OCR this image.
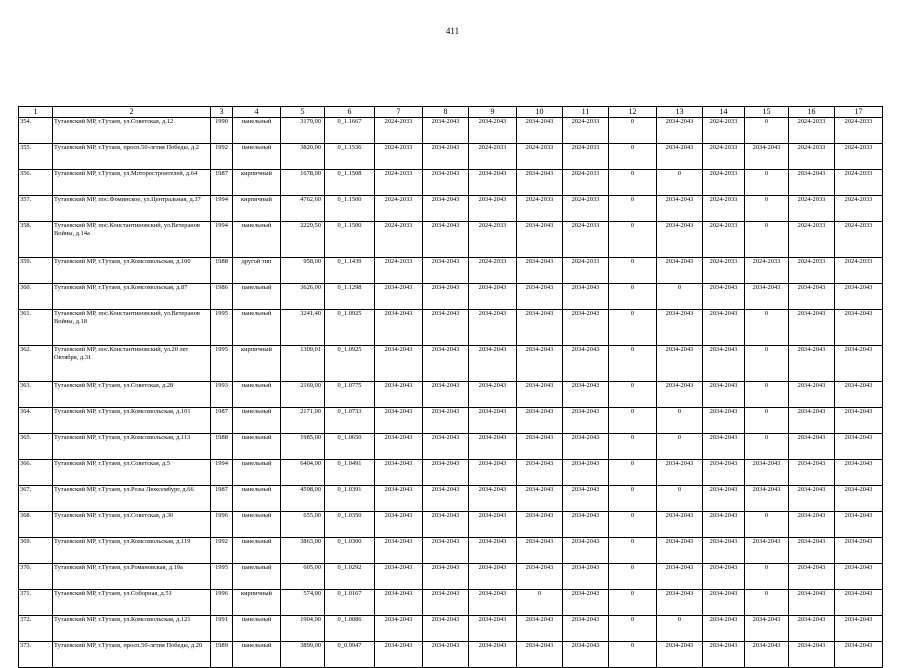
411
1	2	3	4	5	6	7	8	9	10	11	12	13	14	15	16	17
354.	Тутаевский МР, г.Тутаев, ул.Советская, д.12	1990	панельный	3179,00	0_1.1667	2024-2033	2034-2043	2034-2043	2034-2043	2024-2033	0	2034-2043	2024-2033	0	2024-2033	2024-2033
355.	Тутаевский МР, г.Тутаев, просп.50-летия Победы, д.2	1992	панельный	3820,00	0_1.1536	2024-2033	2034-2043	2024-2033	2024-2033	2024-2033	0	2034-2043	2024-2033	2034-2043	2024-2033	2024-2033
356.	Тутаевский МР, г.Тутаев, ул.Моторостроителей, д.64	1987	кирпичный	1678,00	0_1.1508	2024-2033	2034-2043	2034-2043	2034-2043	2024-2033	0	0	2024-2033	0	2034-2043	2024-2033
357.	Тутаевский МР, пос.Фоминское, ул.Центральная, д.37	1994	кирпичный	4762,60	0_1.1500	2024-2033	2034-2043	2034-2043	2024-2033	2024-2033	0	2034-2043	2024-2033	0	2024-2033	2024-2033
358.	Тутаевский МР, пос.Константиновский, ул.Ветеранов Войны, д.14а	1994	панельный	2229,50	0_1.1500	2024-2033	2034-2043	2024-2033	2034-2043	2024-2033	0	2034-2043	2024-2033	0	2024-2033	2024-2033
359.	Тутаевский МР, г.Тутаев, ул.Комсомольская, д.100	1988	другой тип	958,00	0_1.1439	2024-2033	2034-2043	2024-2033	2034-2043	2024-2033	0	2034-2043	2024-2033	2024-2033	2024-2033	2024-2033
360.	Тутаевский МР, г.Тутаев, ул.Комсомольская, д.87	1986	панельный	3626,00	0_1.1298	2034-2043	2034-2043	2034-2043	2034-2043	2034-2043	0	0	2034-2043	2034-2043	2034-2043	2034-2043
361.	Тутаевский МР, пос.Константиновский, ул.Ветеранов Войны, д.18	1995	панельный	3241,40	0_1.0925	2034-2043	2034-2043	2034-2043	2034-2043	2034-2043	0	2034-2043	2034-2043	0	2034-2043	2034-2043
362.	Тутаевский МР, пос.Константиновский, ул.20 лет Октября, д.31	1995	кирпичный	1309,01	0_1.0925	2034-2043	2034-2043	2034-2043	2034-2043	2034-2043	0	2034-2043	2034-2043	0	2034-2043	2034-2043
363.	Тутаевский МР, г.Тутаев, ул.Советская, д.28	1993	панельный	2169,00	0_1.0775	2034-2043	2034-2043	2034-2043	2034-2043	2034-2043	0	2034-2043	2034-2043	0	2034-2043	2034-2043
364.	Тутаевский МР, г.Тутаев, ул.Комсомольская, д.101	1987	панельный	2171,00	0_1.0733	2034-2043	2034-2043	2034-2043	2034-2043	2034-2043	0	0	2034-2043	0	2034-2043	2034-2043
365.	Тутаевский МР, г.Тутаев, ул.Комсомольская, д.113	1988	панельный	1985,00	0_1.0650	2034-2043	2034-2043	2034-2043	2034-2043	2034-2043	0	0	2034-2043	0	2034-2043	2034-2043
366.	Тутаевский МР, г.Тутаев, ул.Советская, д.5	1994	панельный	6404,00	0_1.0491	2034-2043	2034-2043	2034-2043	2034-2043	2034-2043	0	2034-2043	2034-2043	2034-2043	2034-2043	2034-2043
367.	Тутаевский МР, г.Тутаев, ул.Розы Люксембург, д.66	1987	панельный	4598,00	0_1.0391	2034-2043	2034-2043	2034-2043	2034-2043	2034-2043	0	0	2034-2043	2034-2043	2034-2043	2034-2043
368.	Тутаевский МР, г.Тутаев, ул.Советская, д.30	1996	панельный	655,00	0_1.0350	2034-2043	2034-2043	2034-2043	2034-2043	2034-2043	0	2034-2043	2034-2043	0	2034-2043	2034-2043
369.	Тутаевский МР, г.Тутаев, ул.Комсомольская, д.119	1992	панельный	3863,00	0_1.0300	2034-2043	2034-2043	2034-2043	2034-2043	2034-2043	0	2034-2043	2034-2043	2034-2043	2034-2043	2034-2043
370.	Тутаевский МР, г.Тутаев, ул.Романовская, д.19а	1995	панельный	605,00	0_1.0292	2034-2043	2034-2043	2034-2043	2034-2043	2034-2043	0	2034-2043	2034-2043	0	2034-2043	2034-2043
371.	Тутаевский МР, г.Тутаев, ул.Соборная, д.51	1996	кирпичный	574,00	0_1.0167	2034-2043	2034-2043	2034-2043	0	2034-2043	0	2034-2043	2034-2043	0	2034-2043	2034-2043
372.	Тутаевский МР, г.Тутаев, ул.Комсомольская, д.121	1991	панельный	1904,00	0_1.0086	2034-2043	2034-2043	2034-2043	2034-2043	2034-2043	0	0	2034-2043	2034-2043	2034-2043	2034-2043
373.	Тутаевский МР, г.Тутаев, просп.50-летия Победы, д.20	1989	панельный	3899,00	0_0.9947	2034-2043	2034-2043	2034-2043	2034-2043	2034-2043	0	2034-2043	2034-2043	2034-2043	2034-2043	2034-2043
